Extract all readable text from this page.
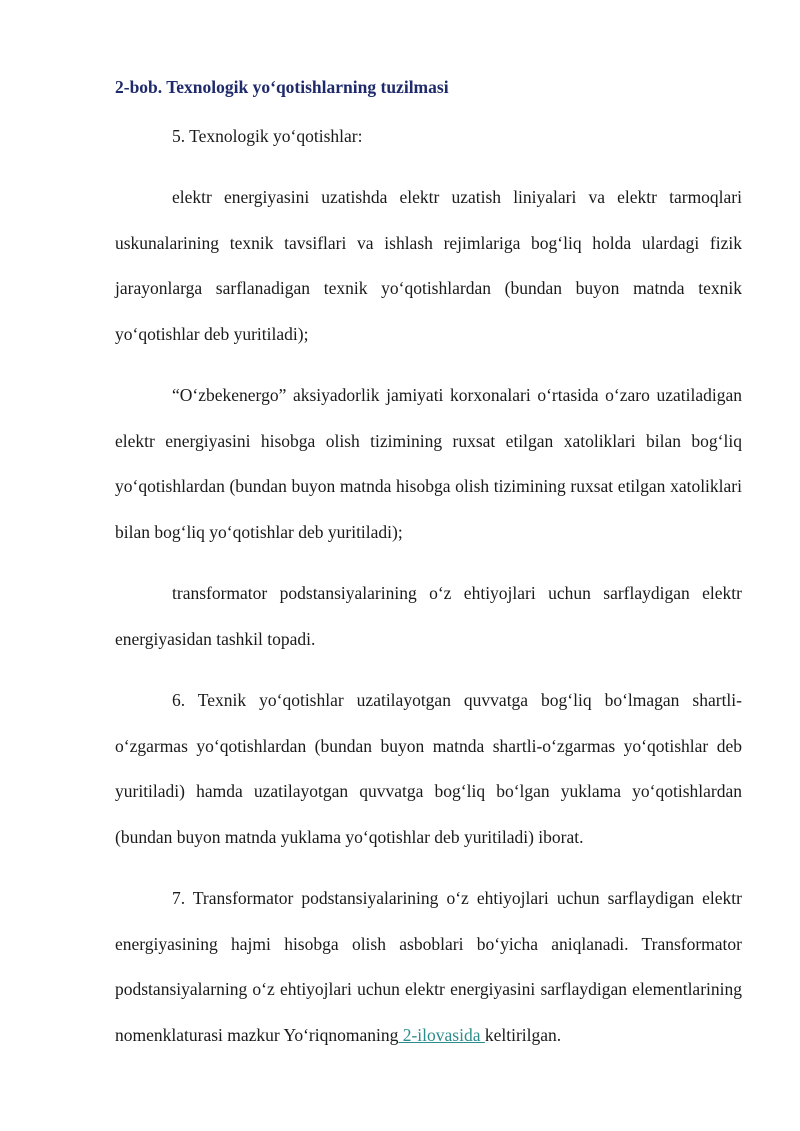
2-bob. Texnologik yo‘qotishlarning tuzilmasi

5. Texnologik yo‘qotishlar:

elektr energiyasini uzatishda elektr uzatish liniyalari va elektr tarmoqlari uskunalarining texnik tavsiflari va ishlash rejimlariga bog‘liq holda ulardagi fizik jarayonlarga sarflanadigan texnik yo‘qotishlardan (bundan buyon matnda texnik yo‘qotishlar deb yuritiladi);

“O‘zbekenergo” aksiyadorlik jamiyati korxonalari o‘rtasida o‘zaro uzatiladigan elektr energiyasini hisobga olish tizimining ruxsat etilgan xatoliklari bilan bog‘liq yo‘qotishlardan (bundan buyon matnda hisobga olish tizimining ruxsat etilgan xatoliklari bilan bog‘liq yo‘qotishlar deb yuritiladi);

transformator podstansiyalarining o‘z ehtiyojlari uchun sarflaydigan elektr energiyasidan tashkil topadi.

6. Texnik yo‘qotishlar uzatilayotgan quvvatga bog‘liq bo‘lmagan shartli-o‘zgarmas yo‘qotishlardan (bundan buyon matnda shartli-o‘zgarmas yo‘qotishlar deb yuritiladi) hamda uzatilayotgan quvvatga bog‘liq bo‘lgan yuklama yo‘qotishlardan (bundan buyon matnda yuklama yo‘qotishlar deb yuritiladi) iborat.

7. Transformator podstansiyalarining o‘z ehtiyojlari uchun sarflaydigan elektr energiyasining hajmi hisobga olish asboblari bo‘yicha aniqlanadi. Transformator podstansiyalarning o‘z ehtiyojlari uchun elektr energiyasini sarflaydigan elementlarining nomenklaturasi mazkur Yo‘riqnomaning 2-ilovasida keltirilgan.
